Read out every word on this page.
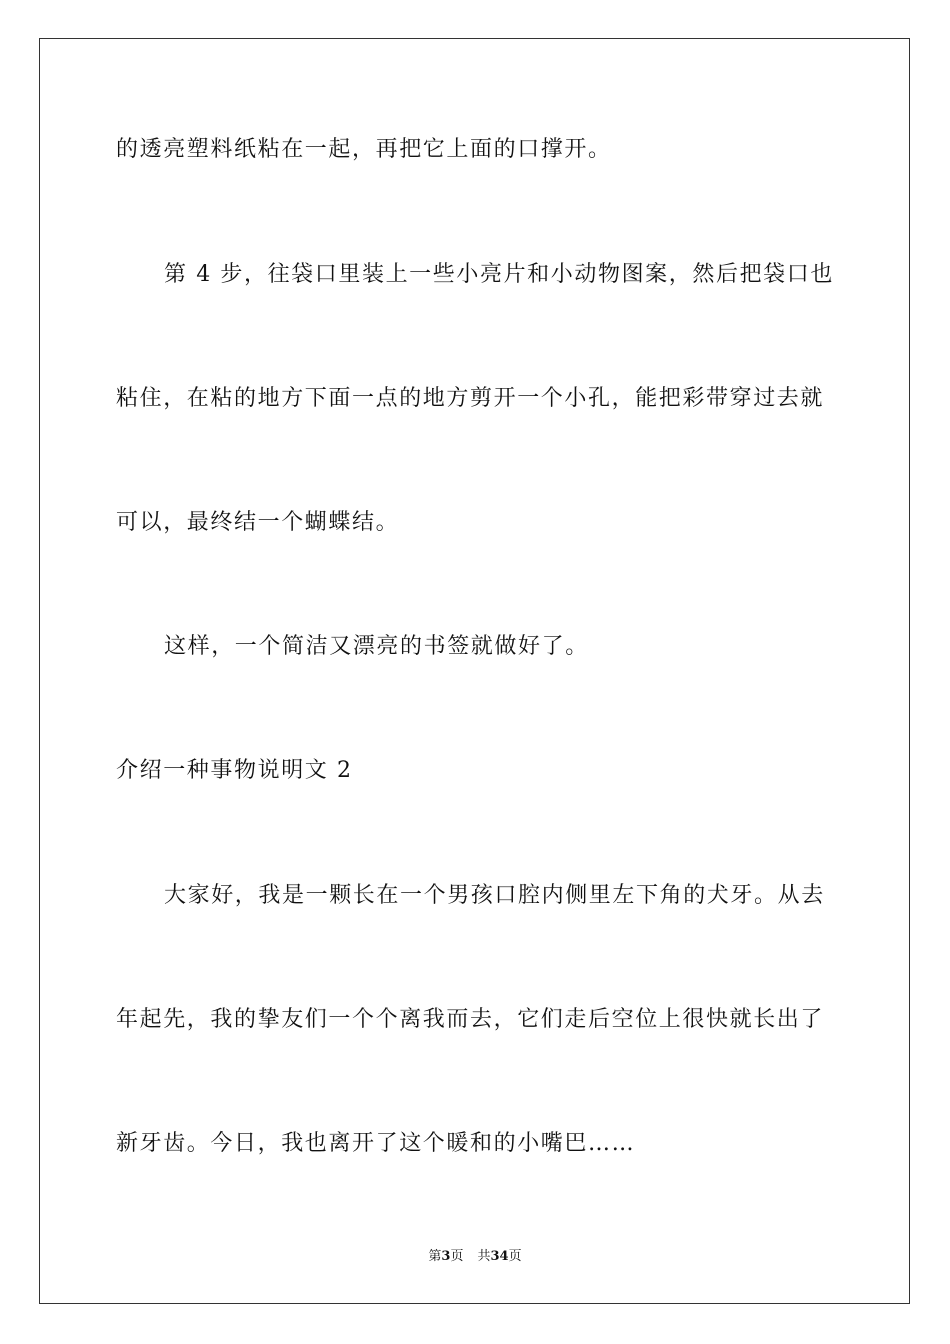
的透亮塑料纸粘在一起，再把它上面的口撑开。
第 4 步，往袋口里装上一些小亮片和小动物图案，然后把袋口也
粘住，在粘的地方下面一点的地方剪开一个小孔，能把彩带穿过去就
可以，最终结一个蝴蝶结。
这样，一个简洁又漂亮的书签就做好了。
介绍一种事物说明文 2
大家好，我是一颗长在一个男孩口腔内侧里左下角的犬牙。从去
年起先，我的挚友们一个个离我而去，它们走后空位上很快就长出了
新牙齿。今日，我也离开了这个暖和的小嘴巴……
第3页 共34页
